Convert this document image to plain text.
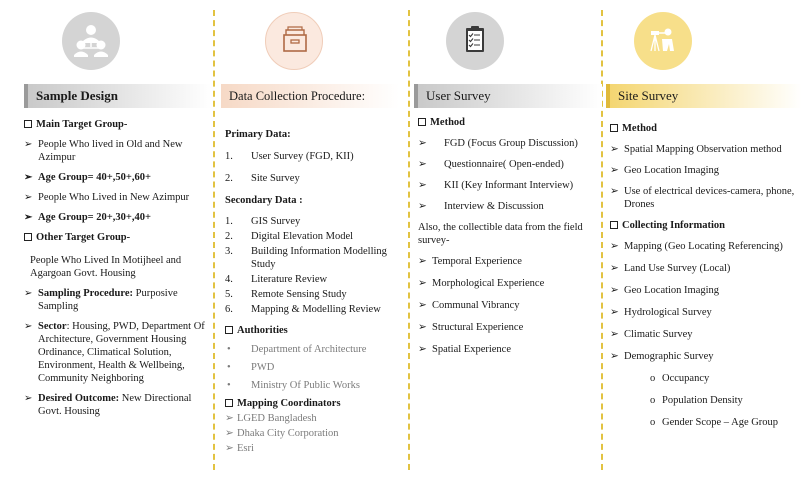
Sample Design
Main Target Group-
➢ People Who lived in Old and New Azimpur
➢ Age Group= 40+,50+,60+
➢ People Who Lived in New Azimpur
➢ Age Group= 20+,30+,40+
Other Target Group-
People Who Lived In Motijheel and Agargoan Govt. Housing
➢ Sampling Procedure: Purposive Sampling
➢ Sector: Housing, PWD, Department Of Architecture, Government Housing Ordinance, Climatical Solution, Environment, Health & Wellbeing, Community Neighboring
➢ Desired Outcome: New Directional Govt. Housing
Data Collection Procedure:
Primary Data:
1. User Survey (FGD, KII)
2. Site Survey
Secondary Data :
1. GIS Survey
2. Digital Elevation Model
3. Building Information Modelling Study
4. Literature Review
5. Remote Sensing Study
6. Mapping & Modelling Review
Authorities
• Department of Architecture
• PWD
• Ministry Of Public Works
Mapping Coordinators
➢ LGED Bangladesh
➢ Dhaka City Corporation
➢ Esri
User Survey
Method
➢ FGD (Focus Group Discussion)
➢ Questionnaire( Open-ended)
➢ KII (Key Informant Interview)
➢ Interview & Discussion
Also, the collectible data from the field survey-
➢ Temporal Experience
➢ Morphological Experience
➢ Communal Vibrancy
➢ Structural Experience
➢ Spatial Experience
Site Survey
Method
➢ Spatial Mapping Observation method
➢ Geo Location Imaging
➢ Use of electrical devices-camera, phone, Drones
Collecting Information
➢ Mapping (Geo Locating Referencing)
➢ Land Use Survey (Local)
➢ Geo Location Imaging
➢ Hydrological Survey
➢ Climatic Survey
➢ Demographic Survey
o Occupancy
o Population Density
o Gender Scope – Age Group
